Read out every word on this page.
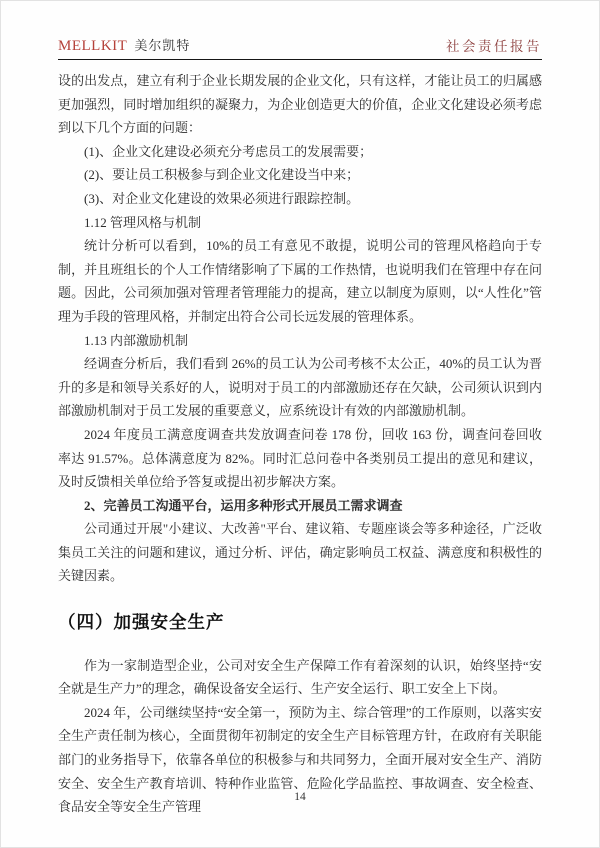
MELLKIT 美尔凯特	社会责任报告

设的出发点，建立有利于企业长期发展的企业文化，只有这样，才能让员工的归属感更加强烈，同时增加组织的凝聚力，为企业创造更大的价值，企业文化建设必须考虑到以下几个方面的问题：

(1)、企业文化建设必须充分考虑员工的发展需要；

(2)、要让员工积极参与到企业文化建设当中来；

(3)、对企业文化建设的效果必须进行跟踪控制。

1.12 管理风格与机制

统计分析可以看到，10%的员工有意见不敢提，说明公司的管理风格趋向于专制，并且班组长的个人工作情绪影响了下属的工作热情，也说明我们在管理中存在问题。因此，公司须加强对管理者管理能力的提高，建立以制度为原则，以“人性化”管理为手段的管理风格，并制定出符合公司长远发展的管理体系。

1.13 内部激励机制

经调查分析后，我们看到 26%的员工认为公司考核不太公正，40%的员工认为晋升的多是和领导关系好的人，说明对于员工的内部激励还存在欠缺，公司须认识到内部激励机制对于员工发展的重要意义，应系统设计有效的内部激励机制。

2024 年度员工满意度调查共发放调查问卷 178 份，回收 163 份，调查问卷回收率达 91.57%。总体满意度为 82%。同时汇总问卷中各类别员工提出的意见和建议，及时反馈相关单位给予答复或提出初步解决方案。

2、完善员工沟通平台，运用多种形式开展员工需求调查

公司通过开展"小建议、大改善"平台、建议箱、专题座谈会等多种途径，广泛收集员工关注的问题和建议，通过分析、评估，确定影响员工权益、满意度和积极性的关键因素。

（四）加强安全生产

作为一家制造型企业，公司对安全生产保障工作有着深刻的认识，始终坚持“安全就是生产力”的理念，确保设备安全运行、生产安全运行、职工安全上下岗。

2024 年，公司继续坚持“安全第一，预防为主、综合管理”的工作原则，以落实安全生产责任制为核心，全面贯彻年初制定的安全生产目标管理方针，在政府有关职能部门的业务指导下，依靠各单位的积极参与和共同努力，全面开展对安全生产、消防安全、安全生产教育培训、特种作业监管、危险化学品监控、事故调查、安全检查、食品安全等安全生产管理

14
